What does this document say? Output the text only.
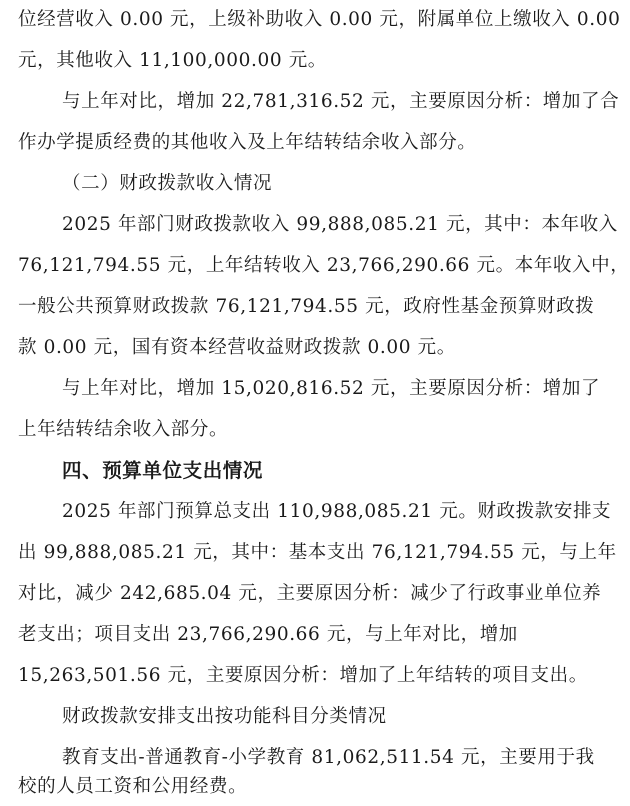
位经营收入 0.00 元，上级补助收入 0.00 元，附属单位上缴收入 0.00
元，其他收入 11,100,000.00 元。
与上年对比，增加 22,781,316.52 元，主要原因分析：增加了合
作办学提质经费的其他收入及上年结转结余收入部分。
（二）财政拨款收入情况
2025 年部门财政拨款收入 99,888,085.21 元，其中：本年收入
76,121,794.55 元，上年结转收入 23,766,290.66 元。本年收入中，
一般公共预算财政拨款 76,121,794.55 元，政府性基金预算财政拨
款 0.00 元，国有资本经营收益财政拨款 0.00 元。
与上年对比，增加 15,020,816.52 元，主要原因分析：增加了
上年结转结余收入部分。
四、预算单位支出情况
2025 年部门预算总支出 110,988,085.21 元。财政拨款安排支
出 99,888,085.21 元，其中：基本支出 76,121,794.55 元，与上年
对比，减少 242,685.04 元，主要原因分析：减少了行政事业单位养
老支出；项目支出 23,766,290.66 元，与上年对比，增加
15,263,501.56 元，主要原因分析：增加了上年结转的项目支出。
财政拨款安排支出按功能科目分类情况
教育支出-普通教育-小学教育 81,062,511.54 元，主要用于我
校的人员工资和公用经费。
